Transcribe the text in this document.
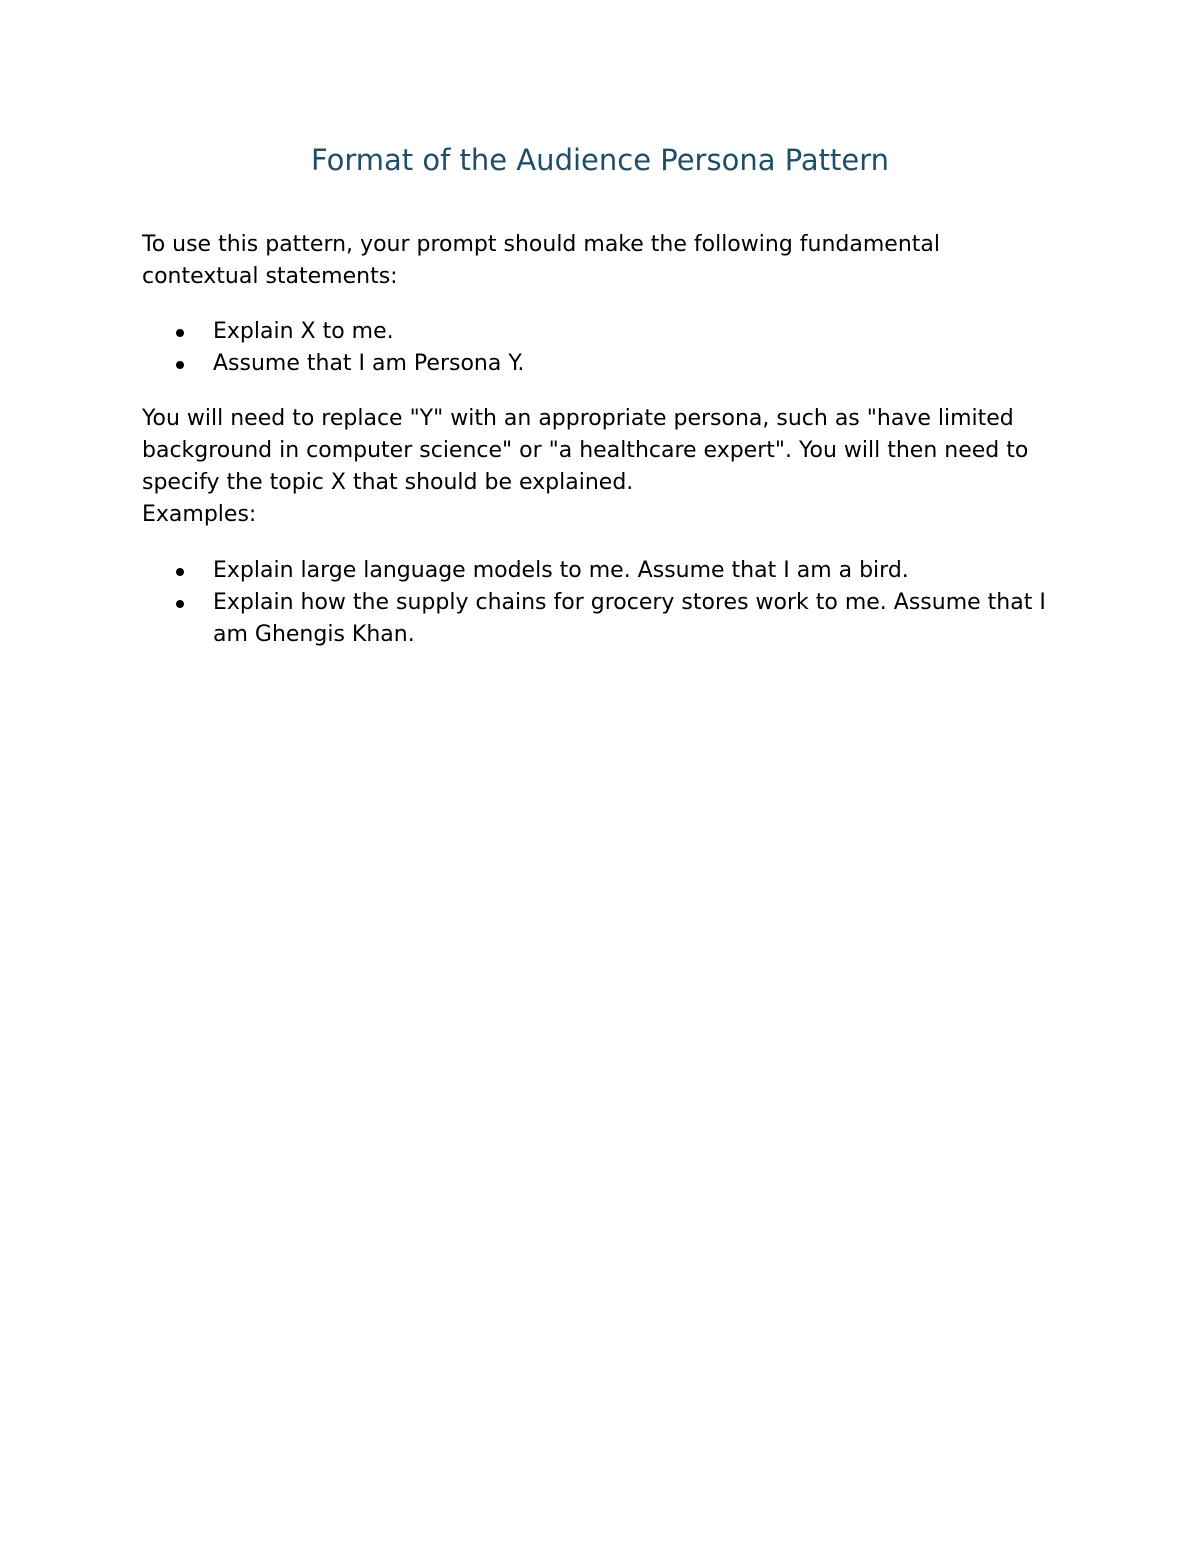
Format of the Audience Persona Pattern

To use this pattern, your prompt should make the following fundamental contextual statements:

Explain X to me.
Assume that I am Persona Y.

You will need to replace "Y" with an appropriate persona, such as "have limited background in computer science" or "a healthcare expert". You will then need to specify the topic X that should be explained.

Examples:

Explain large language models to me. Assume that I am a bird.
Explain how the supply chains for grocery stores work to me. Assume that I am Ghengis Khan.
